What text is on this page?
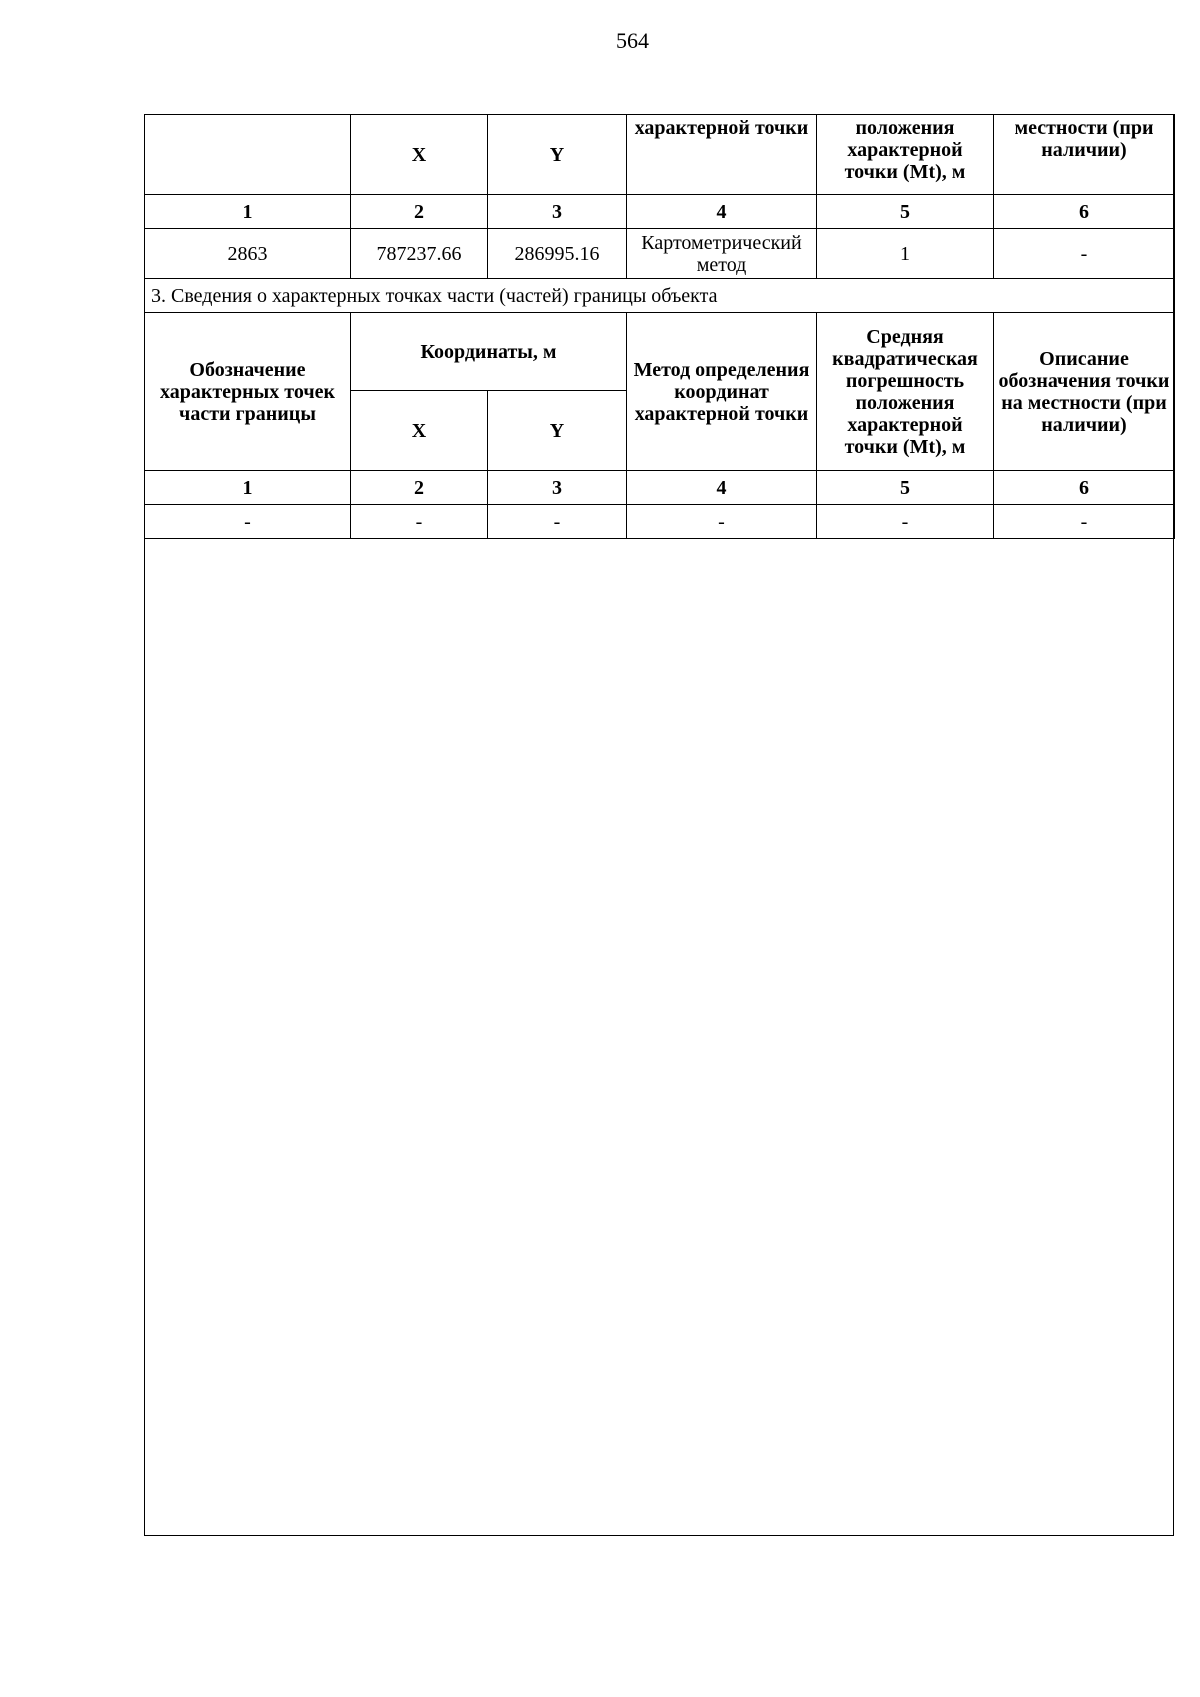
564
	X	Y	характерной точки	положения характерной точки (Mt), м	местности (при наличии)
1	2	3	4	5	6
2863	787237.66	286995.16	Картометрический метод	1	-
3. Сведения о характерных точках части (частей) границы объекта					
Обозначение характерных точек части границы	Координаты, м		Метод определения координат характерной точки	Средняя квадратическая погрешность положения характерной точки (Mt), м	Описание обозначения точки на местности (при наличии)
	X	Y			
1	2	3	4	5	6
-	-	-	-	-	-
